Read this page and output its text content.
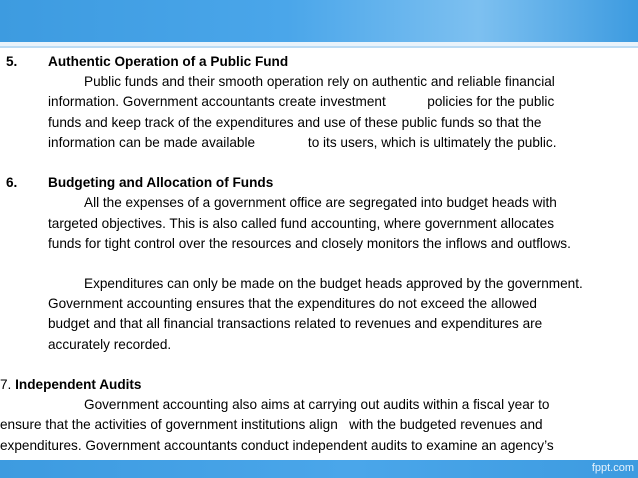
5. Authentic Operation of a Public Fund
Public funds and their smooth operation rely on authentic and reliable financial
information. Government accountants create investment           policies for the public
funds and keep track of the expenditures and use of these public funds so that the
information can be made available              to its users, which is ultimately the public.
6. Budgeting and Allocation of Funds
All the expenses of a government office are segregated into budget heads with
targeted objectives. This is also called fund accounting, where government allocates
funds for tight control over the resources and closely monitors the inflows and outflows.
Expenditures can only be made on the budget heads approved by the government.
Government accounting ensures that the expenditures do not exceed the allowed
budget and that all financial transactions related to revenues and expenditures are
accurately recorded.
7. Independent Audits
Government accounting also aims at carrying out audits within a fiscal year to
ensure that the activities of government institutions align   with the budgeted revenues and
expenditures. Government accountants conduct independent audits to examine an agency’s
fppt.com
